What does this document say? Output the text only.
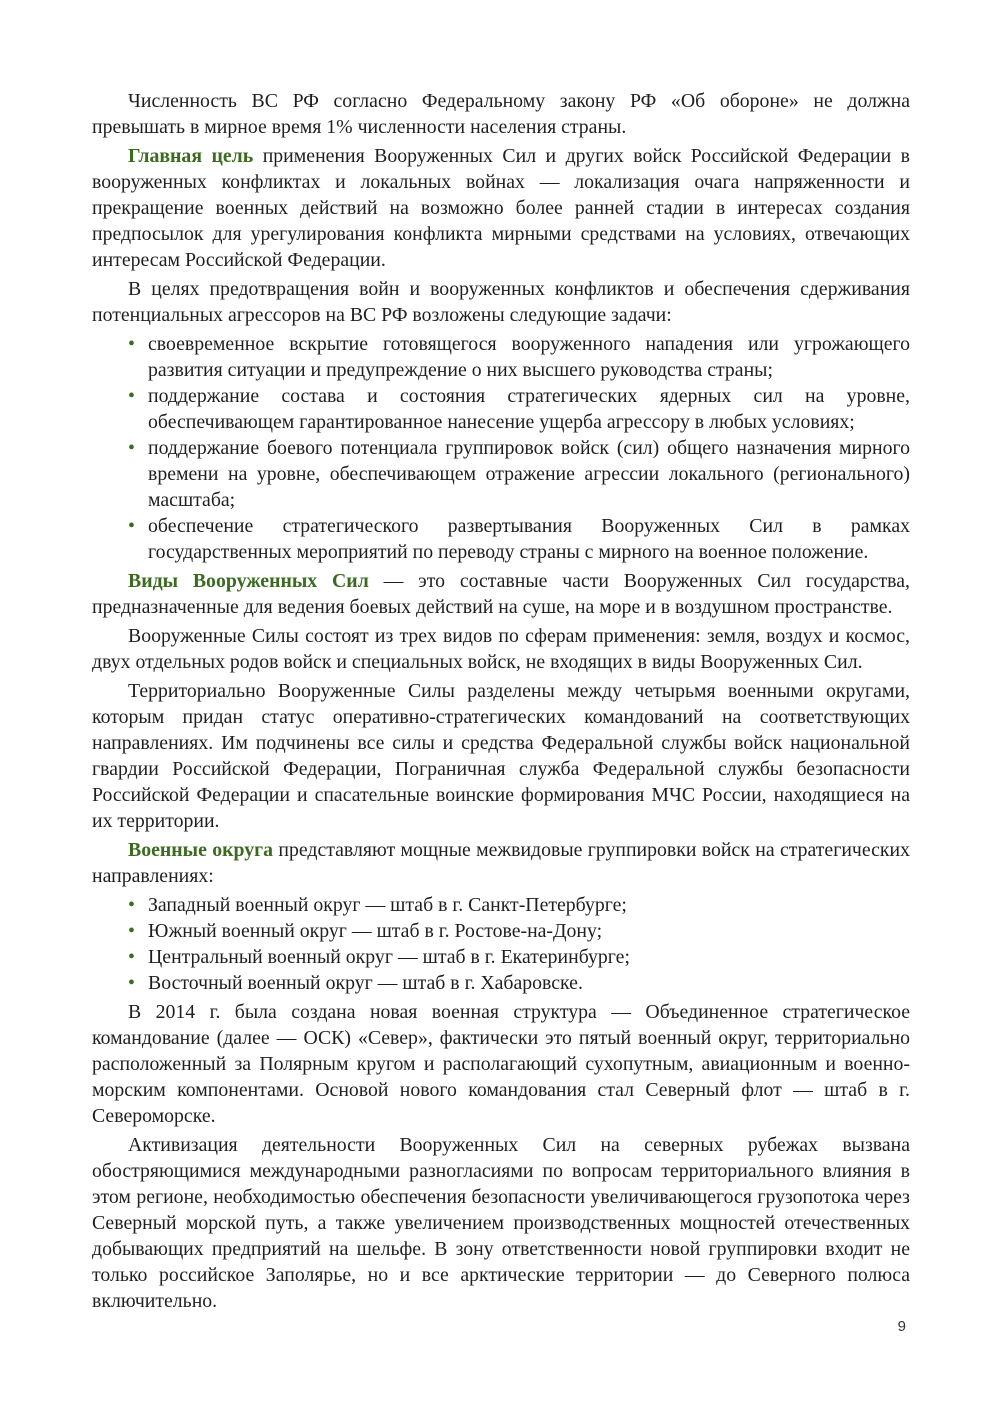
Численность ВС РФ согласно Федеральному закону РФ «Об обороне» не должна превышать в мирное время 1% численности населения страны.

Главная цель применения Вооруженных Сил и других войск Российской Федерации в вооруженных конфликтах и локальных войнах — локализация очага напряженности и прекращение военных действий на возможно более ранней стадии в интересах создания предпосылок для урегулирования конфликта мирными средствами на условиях, отвечающих интересам Российской Федерации.

В целях предотвращения войн и вооруженных конфликтов и обеспечения сдерживания потенциальных агрессоров на ВС РФ возложены следующие задачи:

• своевременное вскрытие готовящегося вооруженного нападения или угрожающего развития ситуации и предупреждение о них высшего руководства страны;
• поддержание состава и состояния стратегических ядерных сил на уровне, обеспечивающем гарантированное нанесение ущерба агрессору в любых условиях;
• поддержание боевого потенциала группировок войск (сил) общего назначения мирного времени на уровне, обеспечивающем отражение агрессии локального (регионального) масштаба;
• обеспечение стратегического развертывания Вооруженных Сил в рамках государственных мероприятий по переводу страны с мирного на военное положение.

Виды Вооруженных Сил — это составные части Вооруженных Сил государства, предназначенные для ведения боевых действий на суше, на море и в воздушном пространстве.

Вооруженные Силы состоят из трех видов по сферам применения: земля, воздух и космос, двух отдельных родов войск и специальных войск, не входящих в виды Вооруженных Сил.

Территориально Вооруженные Силы разделены между четырьмя военными округами, которым придан статус оперативно-стратегических командований на соответствующих направлениях. Им подчинены все силы и средства Федеральной службы войск национальной гвардии Российской Федерации, Пограничная служба Федеральной службы безопасности Российской Федерации и спасательные воинские формирования МЧС России, находящиеся на их территории.

Военные округа представляют мощные межвидовые группировки войск на стратегических направлениях:

• Западный военный округ — штаб в г. Санкт-Петербурге;
• Южный военный округ — штаб в г. Ростове-на-Дону;
• Центральный военный округ — штаб в г. Екатеринбурге;
• Восточный военный округ — штаб в г. Хабаровске.

В 2014 г. была создана новая военная структура — Объединенное стратегическое командование (далее — ОСК) «Север», фактически это пятый военный округ, территориально расположенный за Полярным кругом и располагающий сухопутным, авиационным и военно-морским компонентами. Основой нового командования стал Северный флот — штаб в г. Североморске.

Активизация деятельности Вооруженных Сил на северных рубежах вызвана обостряющимися международными разногласиями по вопросам территориального влияния в этом регионе, необходимостью обеспечения безопасности увеличивающегося грузопотока через Северный морской путь, а также увеличением производственных мощностей отечественных добывающих предприятий на шельфе. В зону ответственности новой группировки входит не только российское Заполярье, но и все арктические территории — до Северного полюса включительно.

9
